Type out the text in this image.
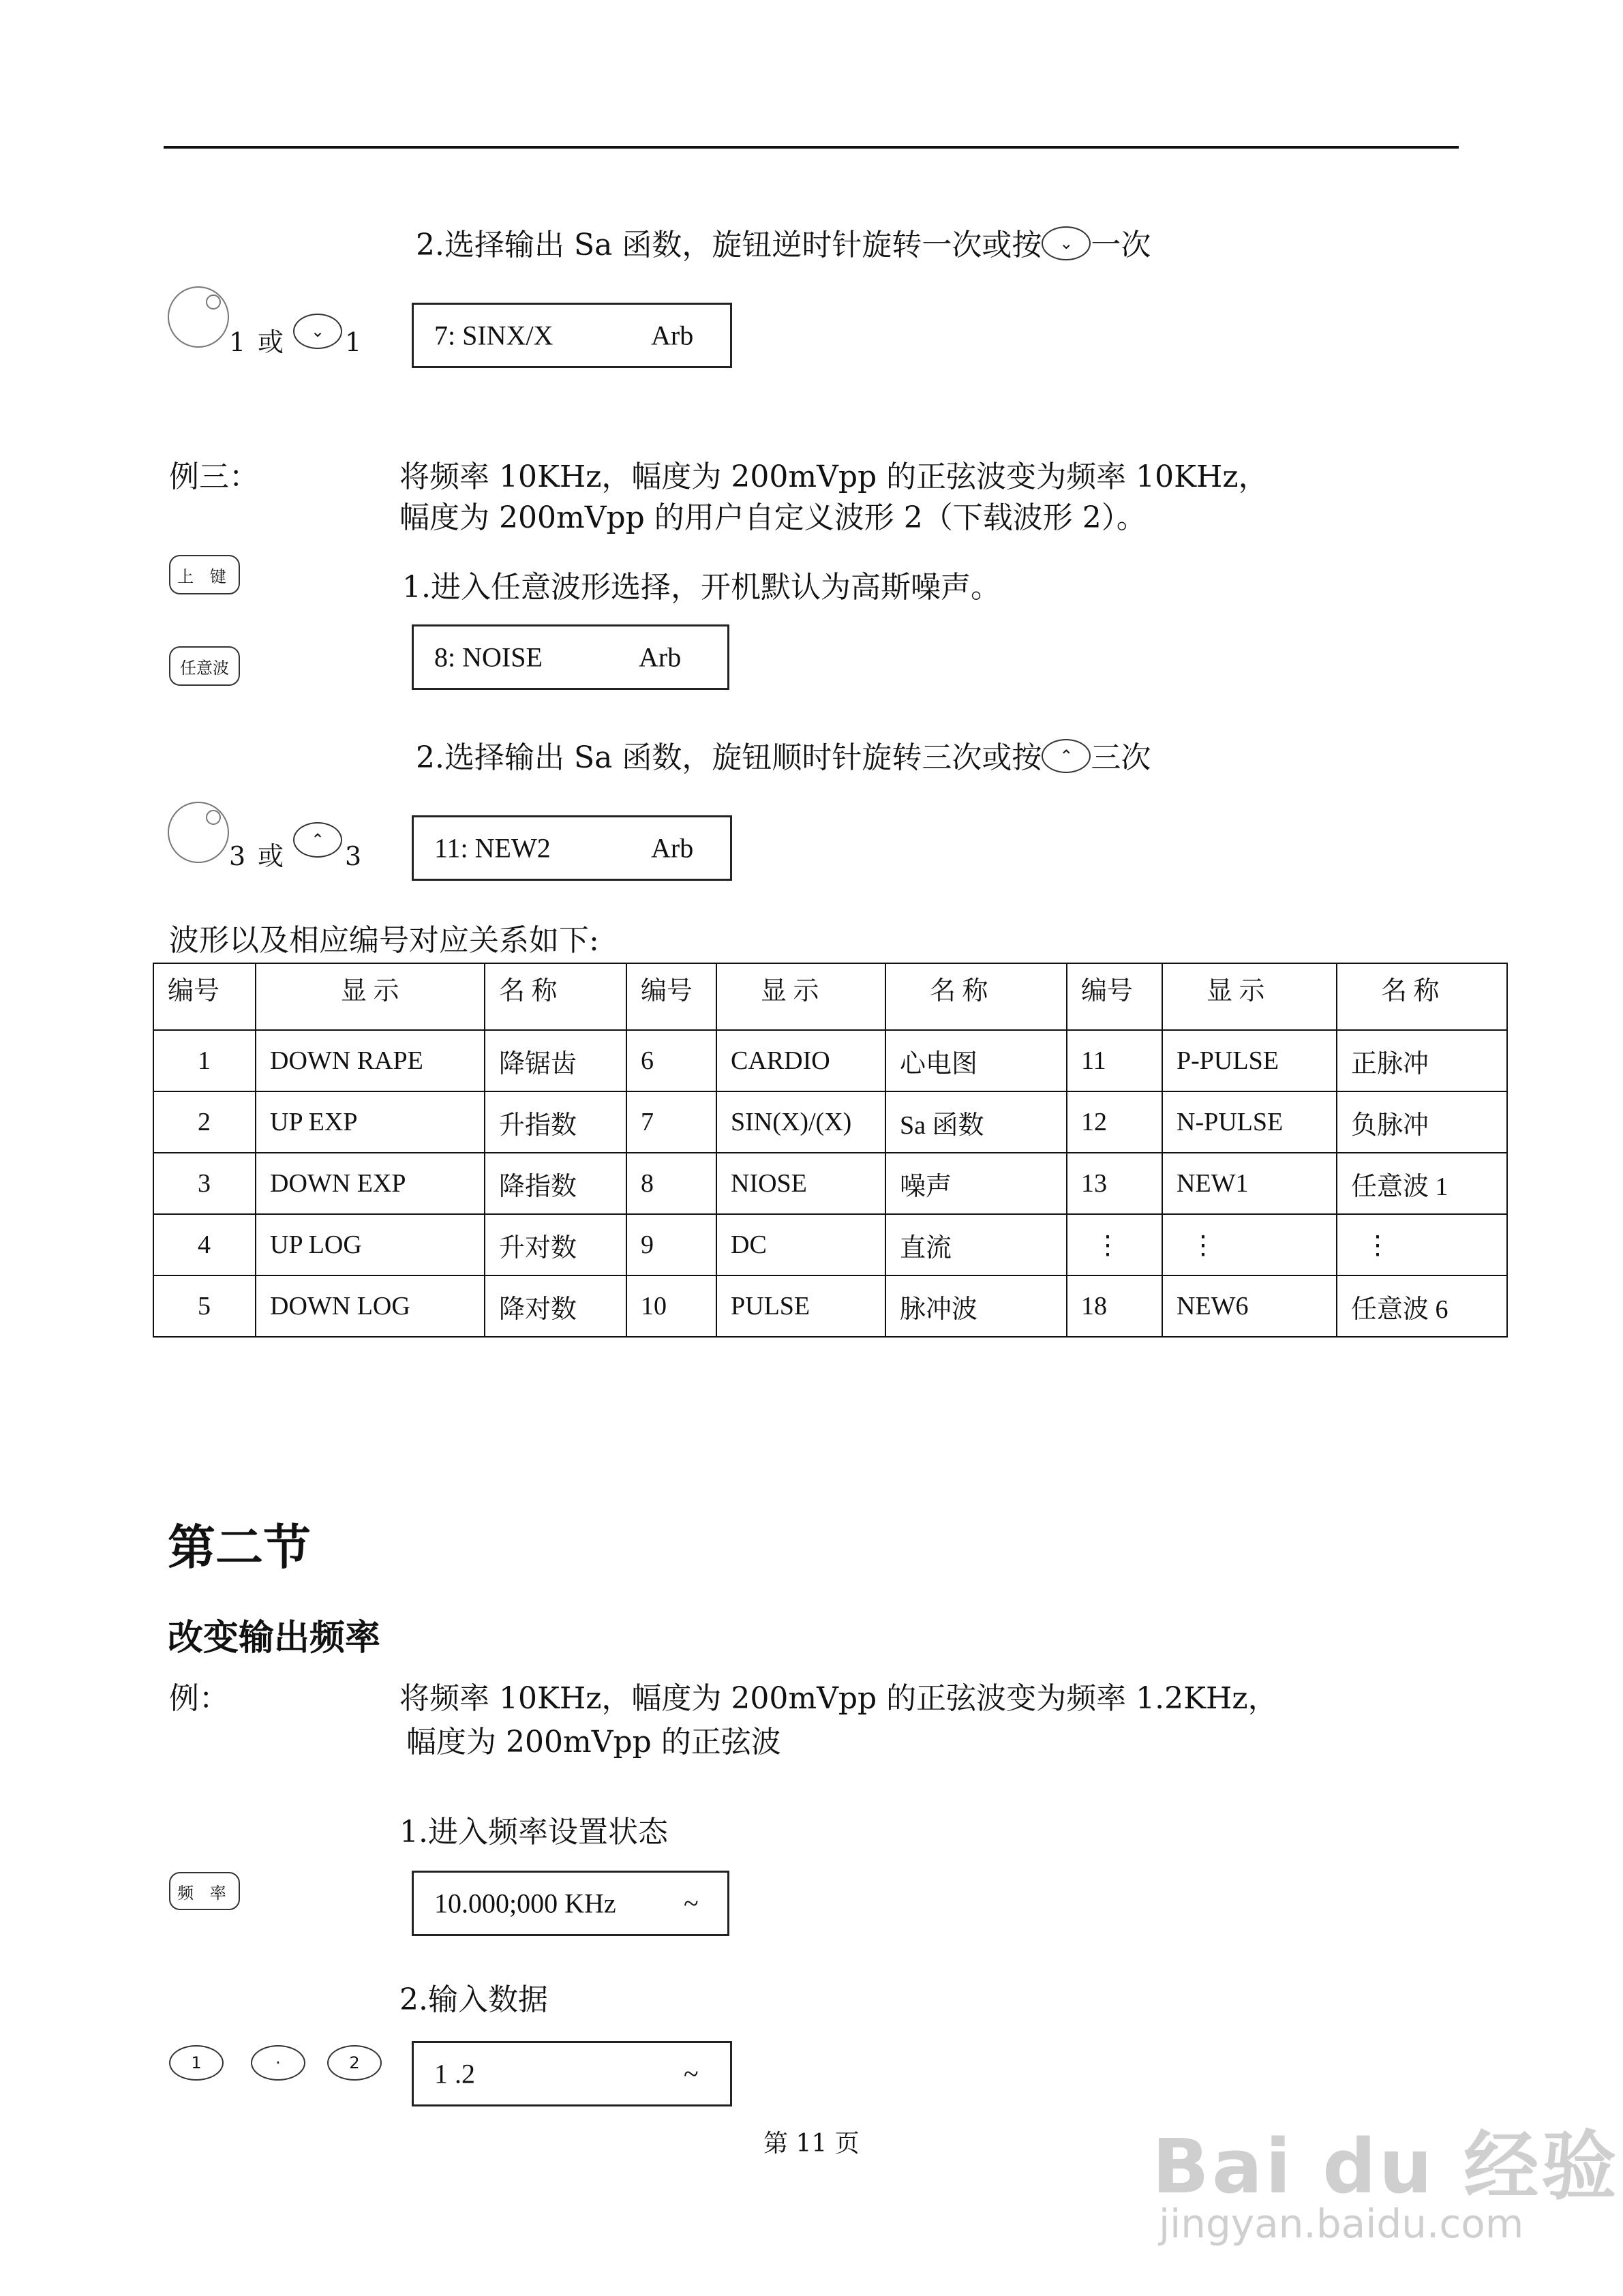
2.选择输出 Sa 函数，旋钮逆时针旋转一次或按 ⌄ 一次
1 或	⌄ 1	7: SINX/X	Arb
例三：	将频率 10KHz，幅度为 200mVpp 的正弦波变为频率 10KHz，
幅度为 200mVpp 的用户自定义波形 2（下载波形 2）。
上 键	1.进入任意波形选择，开机默认为高斯噪声。
任意波	8: NOISE	Arb
2.选择输出 Sa 函数，旋钮顺时针旋转三次或按 ⌃ 三次
3 或
⌃
3	11: NEW2	Arb
波形以及相应编号对应关系如下:
编号	显 示	名 称	编号	显 示	名 称	编号	显 示	名 称
1	DOWN RAPE	降锯齿	6	CARDIO	心电图	11	P-PULSE	正脉冲
2	UP EXP	升指数	7	SIN(X)/(X)	Sa 函数	12	N-PULSE	负脉冲
3	DOWN EXP	降指数	8	NIOSE	噪声	13	NEW1	任意波 1
4	UP LOG	升对数	9	DC	直流	⋮	⋮	⋮
5	DOWN LOG	降对数	10	PULSE	脉冲波	18	NEW6	任意波 6
第二节
改变输出频率
例：	将频率 10KHz，幅度为 200mVpp 的正弦波变为频率 1.2KHz，
幅度为 200mVpp 的正弦波
1.进入频率设置状态
频 率	10.000;000 KHz ~
2.输入数据
1	·	2	1 .2	~
第 11 页	Bai du 经验
jingyan.baidu.com
